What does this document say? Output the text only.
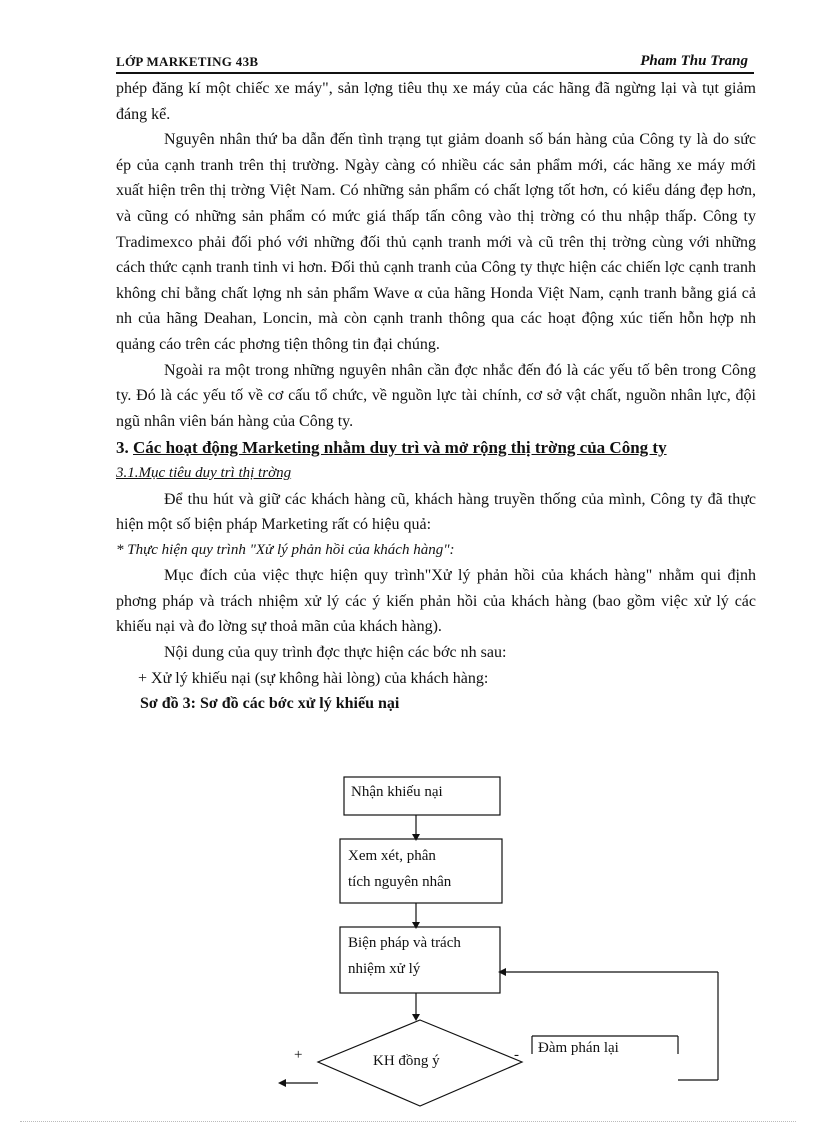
LỚP MARKETING 43B	Pham Thu Trang

phép đăng kí một chiếc xe máy", sản lợng tiêu thụ xe máy của các hãng đã ngừng lại và tụt giảm đáng kể.

Nguyên nhân thứ ba dẫn đến tình trạng tụt giảm doanh số bán hàng của Công ty là do sức ép của cạnh tranh trên thị trường. Ngày càng có nhiều các sản phẩm mới, các hãng xe máy mới xuất hiện trên thị trờng Việt Nam. Có những sản phẩm có chất lợng tốt hơn, có kiểu dáng đẹp hơn, và cũng có những sản phẩm có mức giá thấp tấn công vào thị trờng có thu nhập thấp. Công ty Tradimexco phải đối phó với những đối thủ cạnh tranh mới và cũ trên thị trờng cùng với những cách thức cạnh tranh tinh vi hơn. Đối thủ cạnh tranh của Công ty thực hiện các chiến lợc cạnh tranh không chỉ bằng chất lợng nh sản phẩm Wave α của hãng Honda Việt Nam, cạnh tranh bằng giá cả nh của hãng Deahan, Loncin, mà còn cạnh tranh thông qua các hoạt động xúc tiến hỗn hợp nh quảng cáo trên các phơng tiện thông tin đại chúng.

Ngoài ra một trong những nguyên nhân cần đợc nhắc đến đó là các yếu tố bên trong Công ty. Đó là các yếu tố về cơ cấu tổ chức, về nguồn lực tài chính, cơ sở vật chất, nguồn nhân lực, đội ngũ nhân viên bán hàng của Công ty.

3. Các hoạt động Marketing nhằm duy trì và mở rộng thị trờng của Công ty

3.1.Mục tiêu duy trì thị trờng

Để thu hút và giữ các khách hàng cũ, khách hàng truyền thống của mình, Công ty đã thực hiện một số biện pháp Marketing rất có hiệu quả:

* Thực hiện quy trình "Xử lý phản hồi của khách hàng":

Mục đích của việc thực hiện quy trình"Xử lý phản hồi của khách hàng" nhằm qui định phơng pháp và trách nhiệm xử lý các ý kiến phản hồi của khách hàng (bao gồm việc xử lý các khiếu nại và đo lờng sự thoả mãn của khách hàng).

Nội dung của quy trình đợc thực hiện các bớc nh sau:

+ Xử lý khiếu nại (sự không hài lòng) của khách hàng:

Sơ đồ 3: Sơ đồ các bớc xử lý khiếu nại

Nhận khiếu nại
Xem xét, phân
tích nguyên nhân
Biện pháp và trách
nhiệm xử lý
KH đồng ý
+	- Đàm phán lại
